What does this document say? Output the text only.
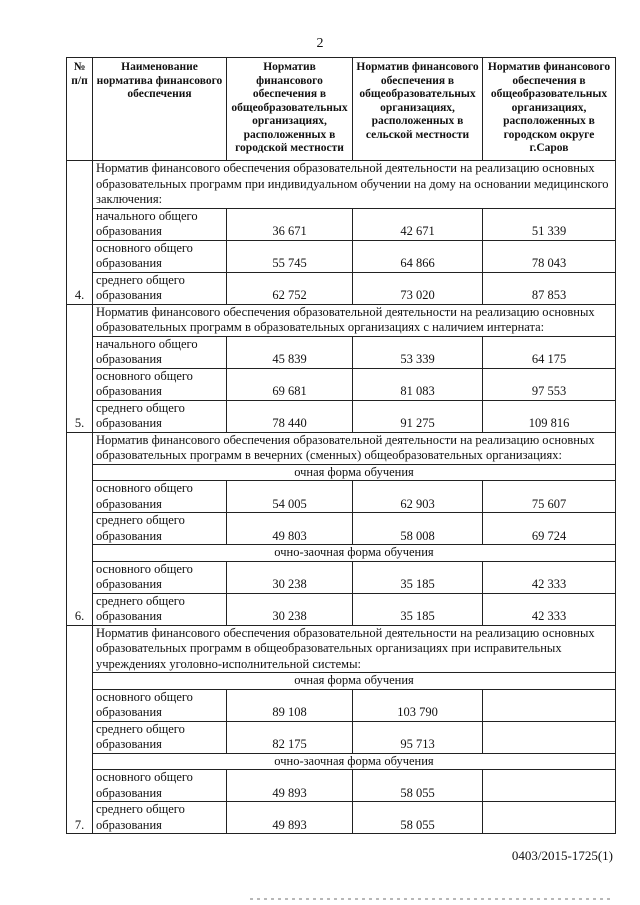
2
№ п/п	Наименование норматива финансового обеспечения	Норматив финансового обеспечения в общеобразовательных организациях, расположенных в городской местности	Норматив финансового обеспечения в общеобразовательных организациях, расположенных в сельской местности	Норматив финансового обеспечения в общеобразовательных организациях, расположенных в городском округе г.Саров
4.	Норматив финансового обеспечения образовательной деятельности на реализацию основных образовательных программ при индивидуальном обучении на дому на основании медицинского заключения:			
	начального общего образования	36 671	42 671	51 339
	основного общего образования	55 745	64 866	78 043
	среднего общего образования	62 752	73 020	87 853
5.	Норматив финансового обеспечения образовательной деятельности на реализацию основных образовательных программ в образовательных организациях с наличием интерната:			
	начального общего образования	45 839	53 339	64 175
	основного общего образования	69 681	81 083	97 553
	среднего общего образования	78 440	91 275	109 816
6.	Норматив финансового обеспечения образовательной деятельности на реализацию основных образовательных программ в вечерних (сменных) общеобразовательных организациях:			
	очная форма обучения			
	основного общего образования	54 005	62 903	75 607
	среднего общего образования	49 803	58 008	69 724
	очно-заочная форма обучения			
	основного общего образования	30 238	35 185	42 333
	среднего общего образования	30 238	35 185	42 333
7.	Норматив финансового обеспечения образовательной деятельности на реализацию основных образовательных программ в общеобразовательных организациях при исправительных учреждениях уголовно-исполнительной системы:			
	очная форма обучения			
	основного общего образования	89 108	103 790	
	среднего общего образования	82 175	95 713	
	очно-заочная форма обучения			
	основного общего образования	49 893	58 055	
	среднего общего образования	49 893	58 055	
0403/2015-1725(1)
